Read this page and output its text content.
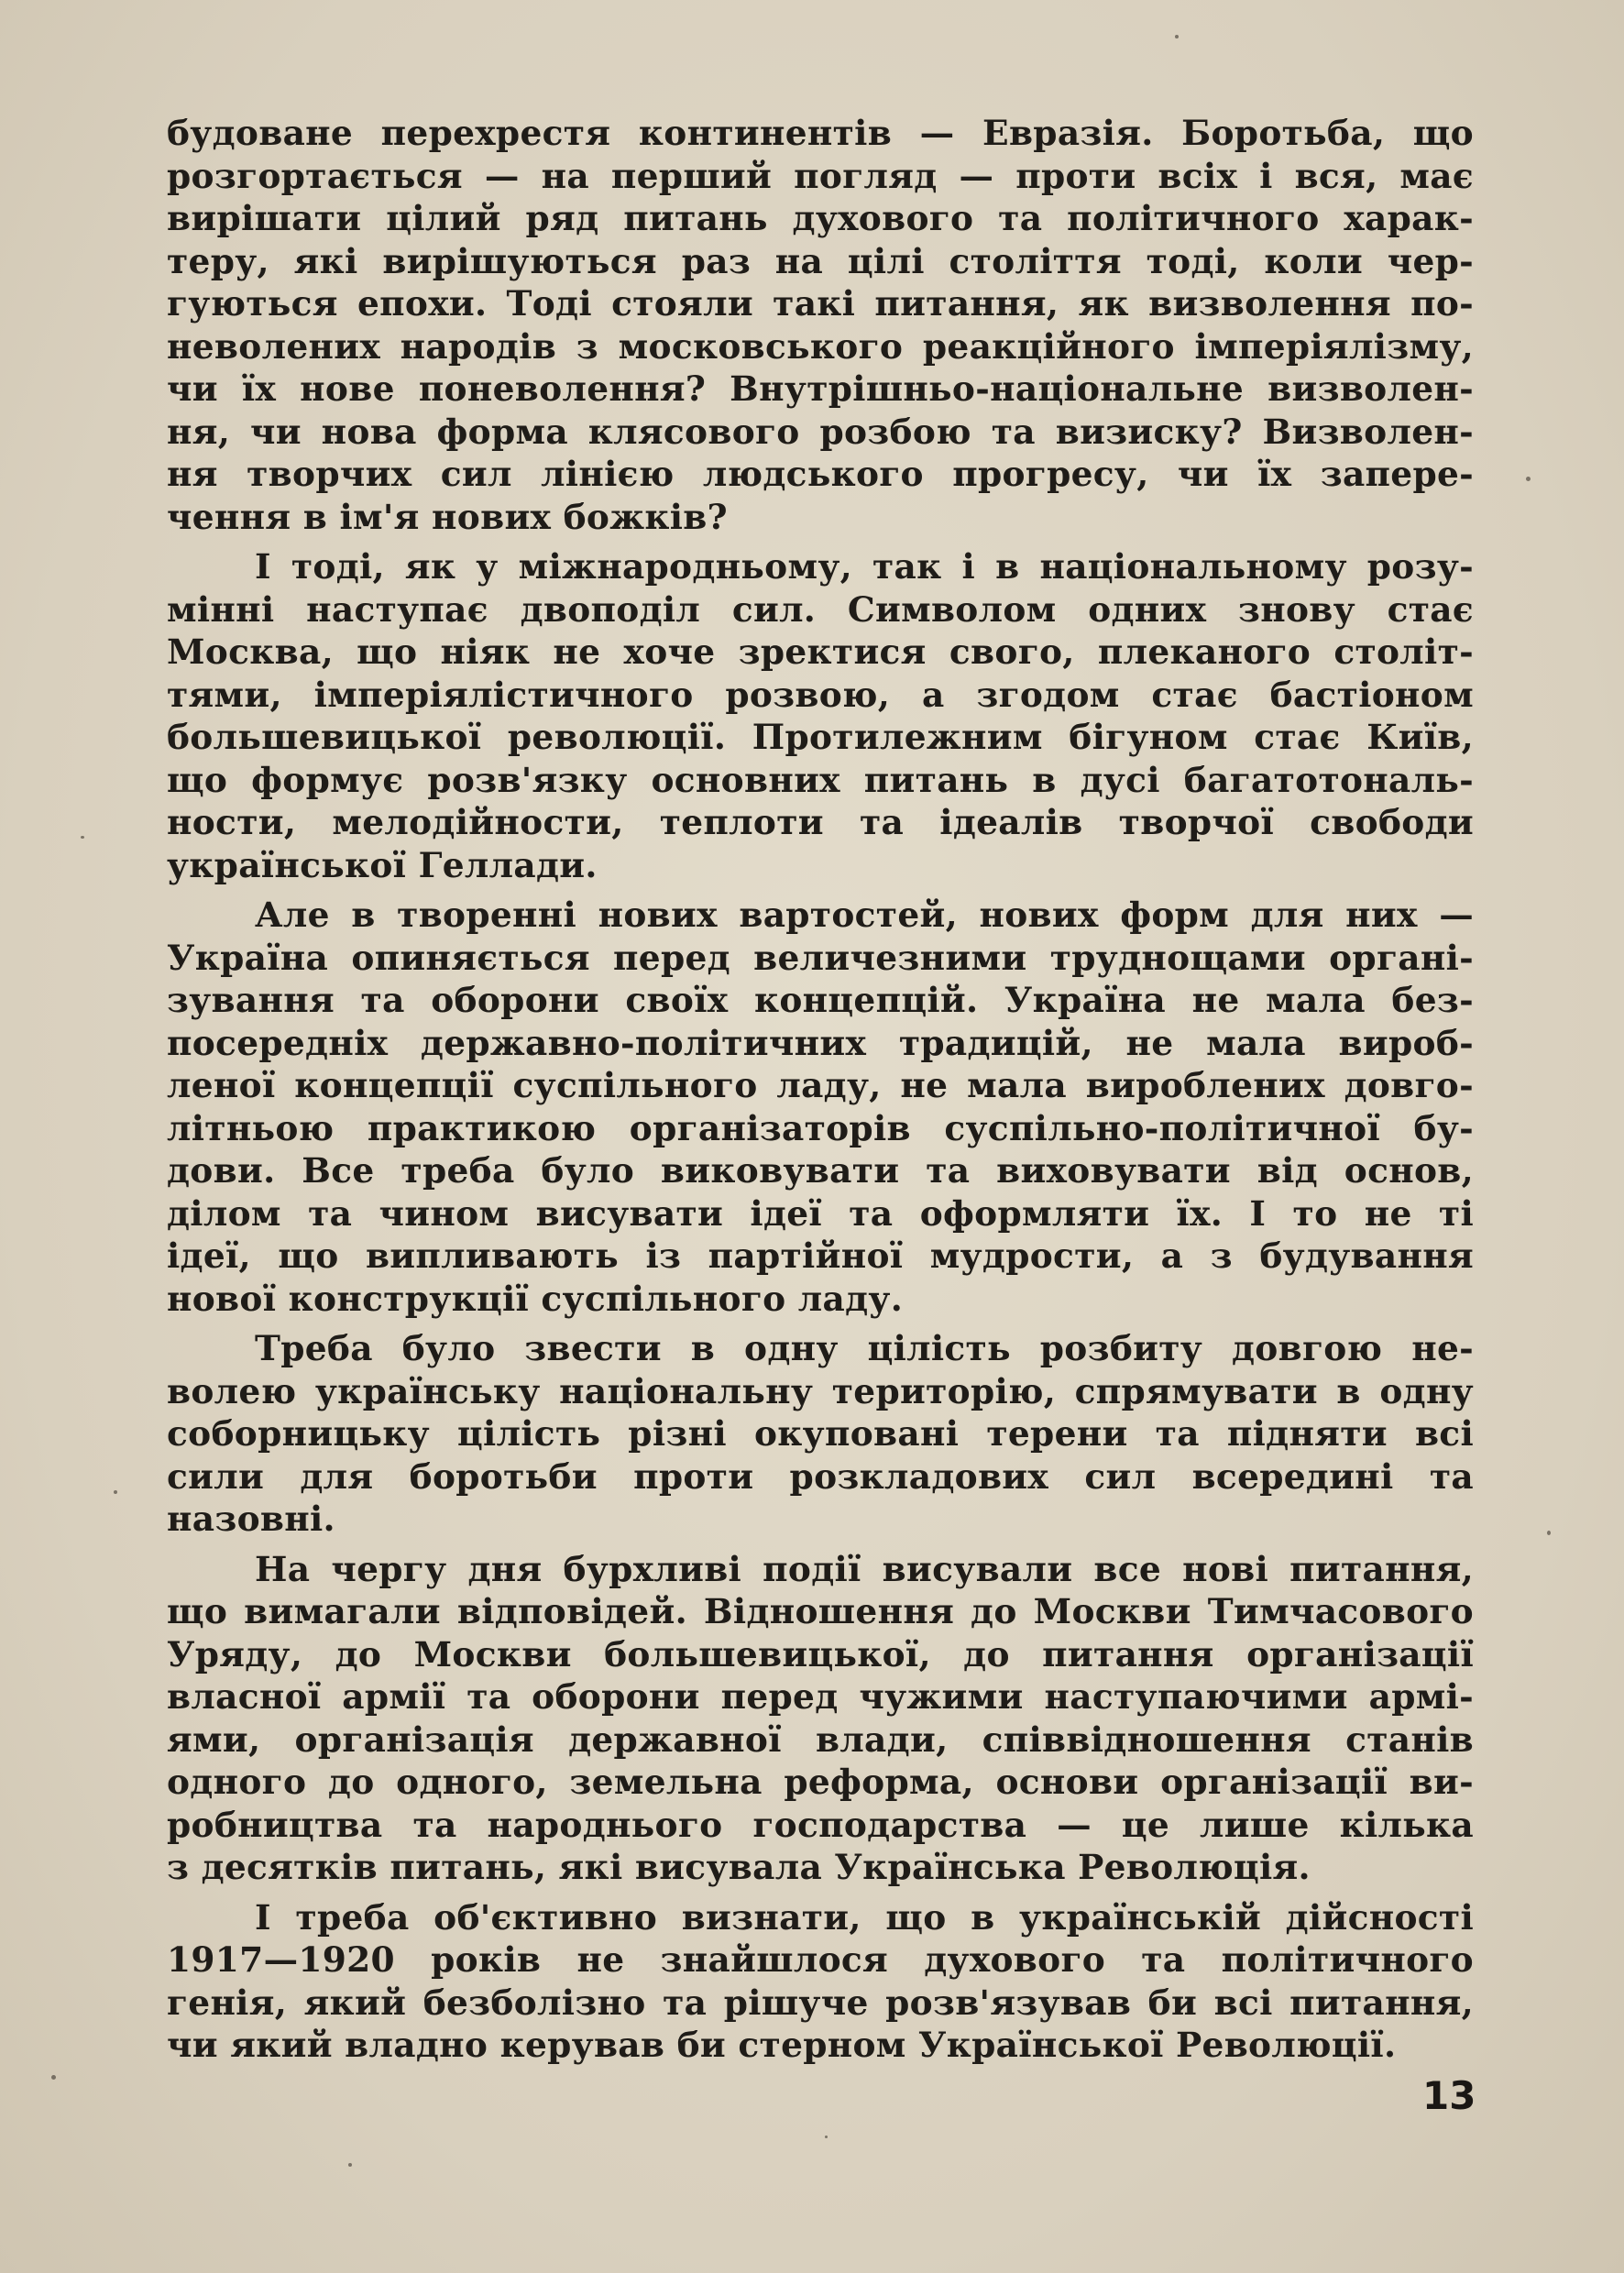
будоване перехрестя континентів — Евразія. Боротьба, що
розгортається — на перший погляд — проти всіх і вся, має
вирішати цілий ряд питань духового та політичного харак-
теру, які вирішуються раз на цілі століття тоді, коли чер-
гуються епохи. Тоді стояли такі питання, як визволення по-
неволених народів з московського реакційного імперіялізму,
чи їх нове поневолення? Внутрішньо-національне визволен-
ня, чи нова форма клясового розбою та визиску? Визволен-
ня творчих сил лінією людського прогресу, чи їх запере-
чення в ім'я нових божків?

І тоді, як у міжнародньому, так і в національному розу-
мінні наступає двоподіл сил. Символом одних знову стає
Москва, що ніяк не хоче зректися свого, плеканого століт-
тями, імперіялістичного розвою, а згодом стає бастіоном
большевицької революції. Протилежним бігуном стає Київ,
що формує розв'язку основних питань в дусі багатотональ-
ности, мелодійности, теплоти та ідеалів творчої свободи
української Геллади.

Але в творенні нових вартостей, нових форм для них —
Україна опиняється перед величезними труднощами органі-
зування та оборони своїх концепцій. Україна не мала без-
посередніх державно-політичних традицій, не мала вироб-
леної концепції суспільного ладу, не мала вироблених довго-
літньою практикою організаторів суспільно-політичної бу-
дови. Все треба було виковувати та виховувати від основ,
ділом та чином висувати ідеї та оформляти їх. І то не ті
ідеї, що випливають із партійної мудрости, а з будування
нової конструкції суспільного ладу.

Треба було звести в одну цілість розбиту довгою не-
волею українську національну територію, спрямувати в одну
соборницьку цілість різні окуповані терени та підняти всі
сили для боротьби проти розкладових сил всередині та
назовні.

На чергу дня бурхливі події висували все нові питання,
що вимагали відповідей. Відношення до Москви Тимчасового
Уряду, до Москви большевицької, до питання організації
власної армії та оборони перед чужими наступаючими армі-
ями, організація державної влади, співвідношення станів
одного до одного, земельна реформа, основи організації ви-
робництва та народнього господарства — це лише кілька
з десятків питань, які висувала Українська Революція.

І треба об'єктивно визнати, що в українській дійсності
1917—1920 років не знайшлося духового та політичного
генія, який безболізно та рішуче розв'язував би всі питання,
чи який владно керував би стерном Української Революції.

13
